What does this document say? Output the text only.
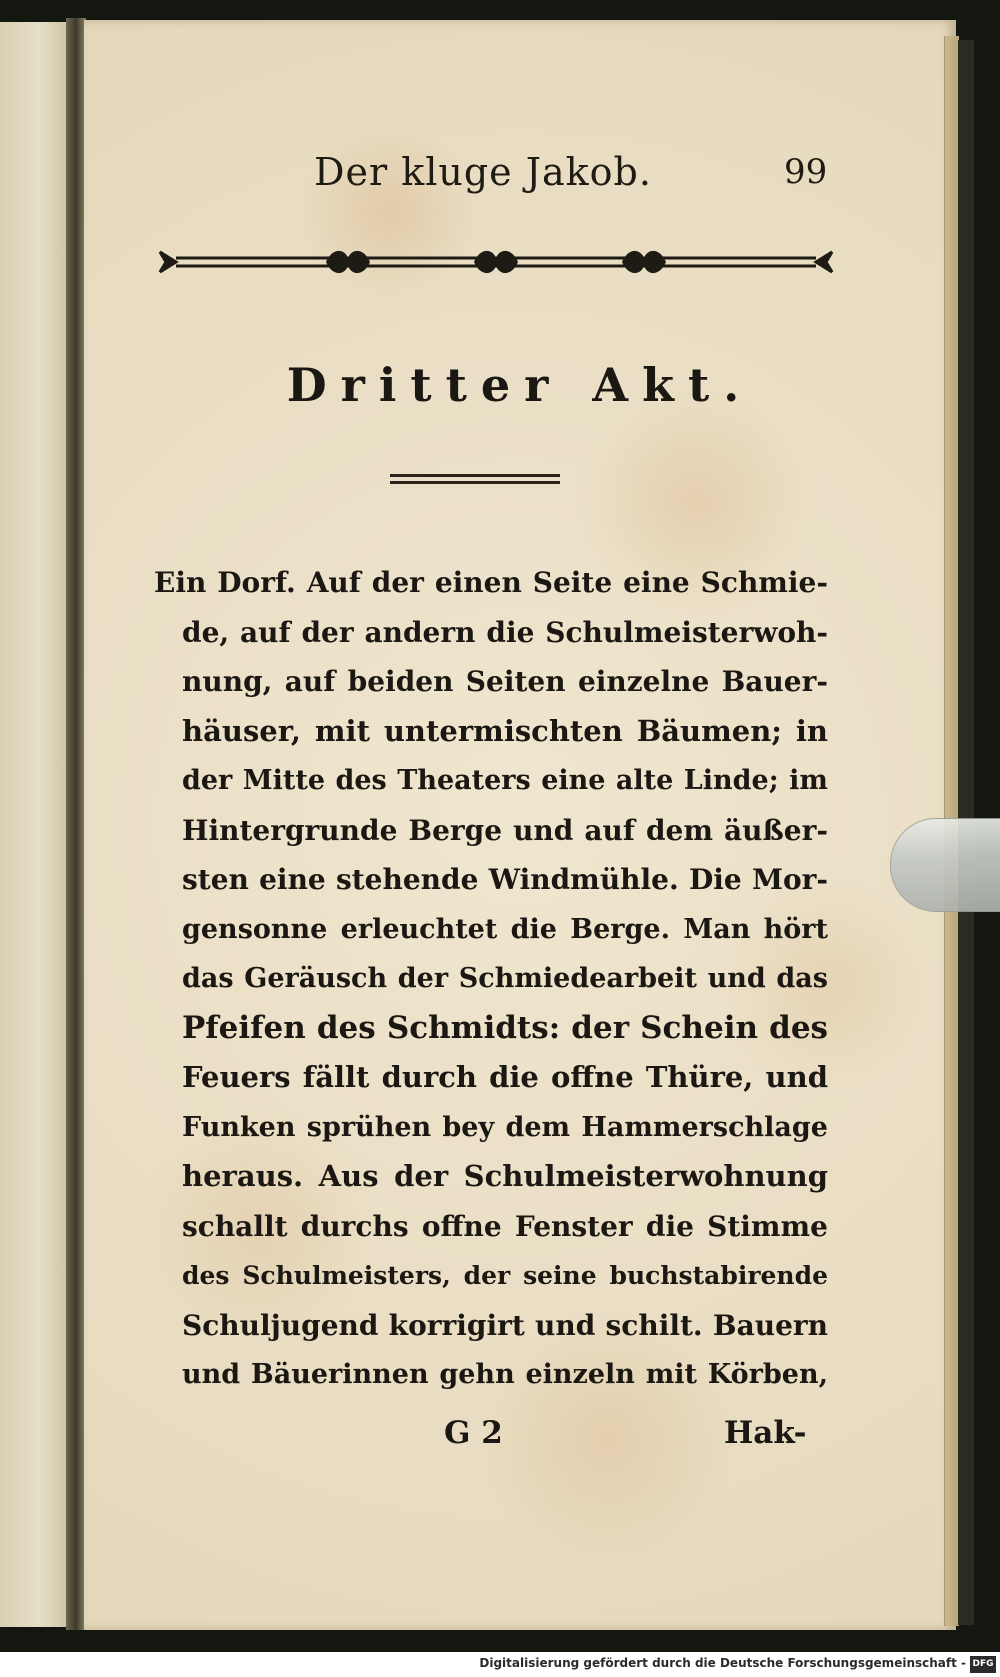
Der kluge Jakob.	99
Dritter Akt.
Ein Dorf. Auf der einen Seite eine Schmie-
de, auf der andern die Schulmeisterwoh-
nung, auf beiden Seiten einzelne Bauer-
häuser, mit untermischten Bäumen; in
der Mitte des Theaters eine alte Linde; im
Hintergrunde Berge und auf dem äußer-
sten eine stehende Windmühle. Die Mor-
gensonne erleuchtet die Berge. Man hört
das Geräusch der Schmiedearbeit und das
Pfeifen des Schmidts: der Schein des
Feuers fällt durch die offne Thüre, und
Funken sprühen bey dem Hammerschlage
heraus. Aus der Schulmeisterwohnung
schallt durchs offne Fenster die Stimme
des Schulmeisters, der seine buchstabirende
Schuljugend korrigirt und schilt. Bauern
und Bäuerinnen gehn einzeln mit Körben,
G 2	Hak-
Digitalisierung gefördert durch die Deutsche Forschungsgemeinschaft - DFG
